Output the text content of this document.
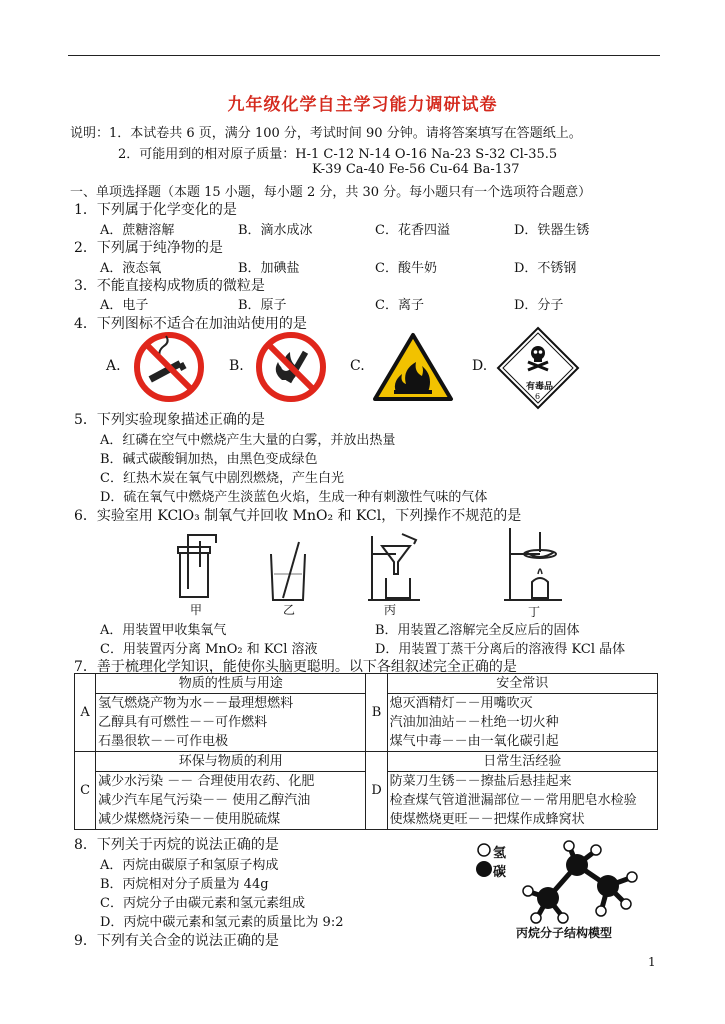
九年级化学自主学习能力调研试卷
说明：1．本试卷共 6 页，满分 100 分，考试时间 90 分钟。请将答案填写在答题纸上。
2．可能用到的相对原子质量：H-1 C-12 N-14 O-16 Na-23 S-32 Cl-35.5
K-39 Ca-40 Fe-56 Cu-64 Ba-137
一、单项选择题（本题 15 小题，每小题 2 分，共 30 分。每小题只有一个选项符合题意）
1．下列属于化学变化的是
A．蔗糖溶解	B．滴水成冰	C．花香四溢	D．铁器生锈
2．下列属于纯净物的是
A．液态氧	B．加碘盐	C．酸牛奶	D．不锈钢
3．不能直接构成物质的微粒是
A．电子	B．原子	C．离子	D．分子
4．下列图标不适合在加油站使用的是
A.	B.	C.	D.
有毒品
6
5．下列实验现象描述正确的是
A．红磷在空气中燃烧产生大量的白雾，并放出热量
B．碱式碳酸铜加热，由黑色变成绿色
C．红热木炭在氧气中剧烈燃烧，产生白光
D．硫在氧气中燃烧产生淡蓝色火焰，生成一种有刺激性气味的气体
6．实验室用 KClO₃ 制氧气并回收 MnO₂ 和 KCl，下列操作不规范的是
甲	乙	丙	丁
A．用装置甲收集氧气	B．用装置乙溶解完全反应后的固体
C．用装置丙分离 MnO₂ 和 KCl 溶液	D．用装置丁蒸干分离后的溶液得 KCl 晶体
7．善于梳理化学知识，能使你头脑更聪明。以下各组叙述完全正确的是
A	物质的性质与用途	B	安全常识
	氢气燃烧产物为水－－最理想燃料		熄灭酒精灯－－用嘴吹灭
	乙醇具有可燃性－－可作燃料		汽油加油站－－杜绝一切火种
	石墨很软－－可作电极		煤气中毒－－由一氧化碳引起
C	环保与物质的利用	D	日常生活经验
	减少水污染 －－ 合理使用农药、化肥		防菜刀生锈－－擦盐后悬挂起来
	减少汽车尾气污染－－ 使用乙醇汽油		检查煤气管道泄漏部位－－常用肥皂水检验
	减少煤燃烧污染－－使用脱硫煤		使煤燃烧更旺－－把煤作成蜂窝状
8．下列关于丙烷的说法正确的是
A．丙烷由碳原子和氢原子构成
B．丙烷相对分子质量为 44g
C．丙烷分子由碳元素和氢元素组成
D．丙烷中碳元素和氢元素的质量比为 9:2
氢
碳
丙烷分子结构模型
9．下列有关合金的说法正确的是
1
